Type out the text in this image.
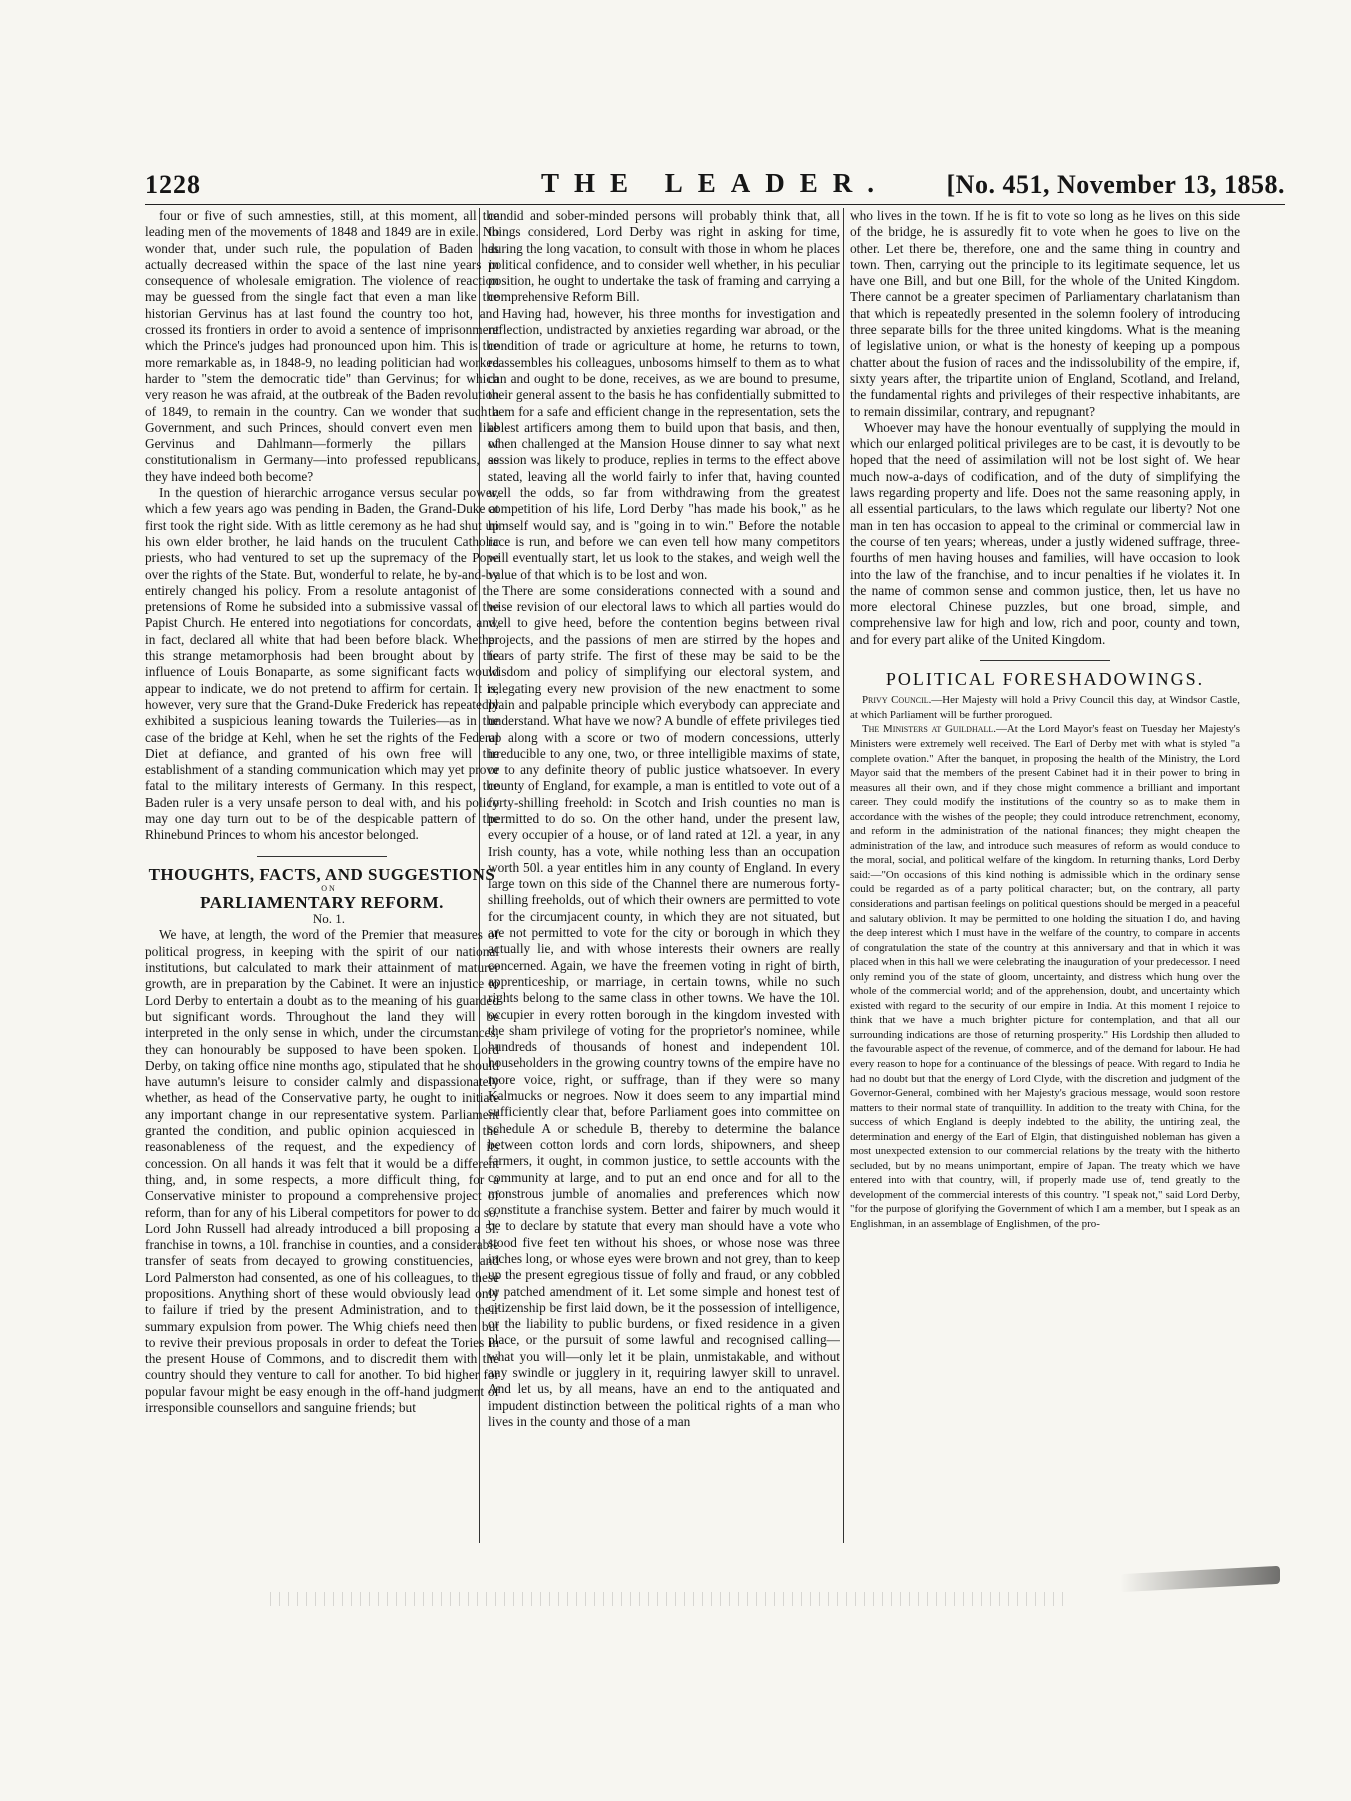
1228	THE LEADER.	[No. 451, November 13, 1858.

four or five of such amnesties, still, at this moment, all the leading men of the movements of 1848 and 1849 are in exile. No wonder that, under such rule, the population of Baden has actually decreased within the space of the last nine years in consequence of wholesale emigration. The violence of reaction may be guessed from the single fact that even a man like the historian Gervinus has at last found the country too hot, and crossed its frontiers in order to avoid a sentence of imprisonment which the Prince's judges had pronounced upon him. This is the more remarkable as, in 1848-9, no leading politician had worked harder to "stem the democratic tide" than Gervinus; for which very reason he was afraid, at the outbreak of the Baden revolution of 1849, to remain in the country. Can we wonder that such a Government, and such Princes, should convert even men like Gervinus and Dahlmann—formerly the pillars of constitutionalism in Germany—into professed republicans, as they have indeed both become?

In the question of hierarchic arrogance versus secular power, which a few years ago was pending in Baden, the Grand-Duke at first took the right side. With as little ceremony as he had shut up his own elder brother, he laid hands on the truculent Catholic priests, who had ventured to set up the supremacy of the Pope over the rights of the State. But, wonderful to relate, he by-and-by entirely changed his policy. From a resolute antagonist of the pretensions of Rome he subsided into a submissive vassal of the Papist Church. He entered into negotiations for concordats, and, in fact, declared all white that had been before black. Whether this strange metamorphosis had been brought about by the influence of Louis Bonaparte, as some significant facts would appear to indicate, we do not pretend to affirm for certain. It is, however, very sure that the Grand-Duke Frederick has repeatedly exhibited a suspicious leaning towards the Tuileries—as in the case of the bridge at Kehl, when he set the rights of the Federal Diet at defiance, and granted of his own free will the establishment of a standing communication which may yet prove fatal to the military interests of Germany. In this respect, the Baden ruler is a very unsafe person to deal with, and his policy may one day turn out to be of the despicable pattern of the Rhinebund Princes to whom his ancestor belonged.

THOUGHTS, FACTS, AND SUGGESTIONS

ON

PARLIAMENTARY REFORM.

No. 1.

We have, at length, the word of the Premier that measures of political progress, in keeping with the spirit of our national institutions, but calculated to mark their attainment of maturer growth, are in preparation by the Cabinet. It were an injustice to Lord Derby to entertain a doubt as to the meaning of his guarded but significant words. Throughout the land they will be interpreted in the only sense in which, under the circumstances, they can honourably be supposed to have been spoken. Lord Derby, on taking office nine months ago, stipulated that he should have autumn's leisure to consider calmly and dispassionately whether, as head of the Conservative party, he ought to initiate any important change in our representative system. Parliament granted the condition, and public opinion acquiesced in the reasonableness of the request, and the expediency of its concession. On all hands it was felt that it would be a different thing, and, in some respects, a more difficult thing, for a Conservative minister to propound a comprehensive project of reform, than for any of his Liberal competitors for power to do so. Lord John Russell had already introduced a bill proposing a 5l. franchise in towns, a 10l. franchise in counties, and a considerable transfer of seats from decayed to growing constituencies, and Lord Palmerston had consented, as one of his colleagues, to these propositions. Anything short of these would obviously lead only to failure if tried by the present Administration, and to their summary expulsion from power. The Whig chiefs need then but to revive their previous proposals in order to defeat the Tories in the present House of Commons, and to discredit them with the country should they venture to call for another. To bid higher for popular favour might be easy enough in the off-hand judgment of irresponsible counsellors and sanguine friends; but

candid and sober-minded persons will probably think that, all things considered, Lord Derby was right in asking for time, during the long vacation, to consult with those in whom he places political confidence, and to consider well whether, in his peculiar position, he ought to undertake the task of framing and carrying a comprehensive Reform Bill.

Having had, however, his three months for investigation and reflection, undistracted by anxieties regarding war abroad, or the condition of trade or agriculture at home, he returns to town, reassembles his colleagues, unbosoms himself to them as to what can and ought to be done, receives, as we are bound to presume, their general assent to the basis he has confidentially submitted to them for a safe and efficient change in the representation, sets the ablest artificers among them to build upon that basis, and then, when challenged at the Mansion House dinner to say what next session was likely to produce, replies in terms to the effect above stated, leaving all the world fairly to infer that, having counted well the odds, so far from withdrawing from the greatest competition of his life, Lord Derby "has made his book," as he himself would say, and is "going in to win." Before the notable race is run, and before we can even tell how many competitors will eventually start, let us look to the stakes, and weigh well the value of that which is to be lost and won.

There are some considerations connected with a sound and wise revision of our electoral laws to which all parties would do well to give heed, before the contention begins between rival projects, and the passions of men are stirred by the hopes and fears of party strife. The first of these may be said to be the wisdom and policy of simplifying our electoral system, and relegating every new provision of the new enactment to some plain and palpable principle which everybody can appreciate and understand. What have we now? A bundle of effete privileges tied up along with a score or two of modern concessions, utterly irreducible to any one, two, or three intelligible maxims of state, or to any definite theory of public justice whatsoever. In every county of England, for example, a man is entitled to vote out of a forty-shilling freehold: in Scotch and Irish counties no man is permitted to do so. On the other hand, under the present law, every occupier of a house, or of land rated at 12l. a year, in any Irish county, has a vote, while nothing less than an occupation worth 50l. a year entitles him in any county of England. In every large town on this side of the Channel there are numerous forty-shilling freeholds, out of which their owners are permitted to vote for the circumjacent county, in which they are not situated, but are not permitted to vote for the city or borough in which they actually lie, and with whose interests their owners are really concerned. Again, we have the freemen voting in right of birth, apprenticeship, or marriage, in certain towns, while no such rights belong to the same class in other towns. We have the 10l. occupier in every rotten borough in the kingdom invested with the sham privilege of voting for the proprietor's nominee, while hundreds of thousands of honest and independent 10l. householders in the growing country towns of the empire have no more voice, right, or suffrage, than if they were so many Kalmucks or negroes. Now it does seem to any impartial mind sufficiently clear that, before Parliament goes into committee on schedule A or schedule B, thereby to determine the balance between cotton lords and corn lords, shipowners, and sheep farmers, it ought, in common justice, to settle accounts with the community at large, and to put an end once and for all to the monstrous jumble of anomalies and preferences which now constitute a franchise system. Better and fairer by much would it be to declare by statute that every man should have a vote who stood five feet ten without his shoes, or whose nose was three inches long, or whose eyes were brown and not grey, than to keep up the present egregious tissue of folly and fraud, or any cobbled or patched amendment of it. Let some simple and honest test of citizenship be first laid down, be it the possession of intelligence, or the liability to public burdens, or fixed residence in a given place, or the pursuit of some lawful and recognised calling—what you will—only let it be plain, unmistakable, and without any swindle or jugglery in it, requiring lawyer skill to unravel. And let us, by all means, have an end to the antiquated and impudent distinction between the political rights of a man who lives in the county and those of a man

who lives in the town. If he is fit to vote so long as he lives on this side of the bridge, he is assuredly fit to vote when he goes to live on the other. Let there be, therefore, one and the same thing in country and town. Then, carrying out the principle to its legitimate sequence, let us have one Bill, and but one Bill, for the whole of the United Kingdom. There cannot be a greater specimen of Parliamentary charlatanism than that which is repeatedly presented in the solemn foolery of introducing three separate bills for the three united kingdoms. What is the meaning of legislative union, or what is the honesty of keeping up a pompous chatter about the fusion of races and the indissolubility of the empire, if, sixty years after, the tripartite union of England, Scotland, and Ireland, the fundamental rights and privileges of their respective inhabitants, are to remain dissimilar, contrary, and repugnant?

Whoever may have the honour eventually of supplying the mould in which our enlarged political privileges are to be cast, it is devoutly to be hoped that the need of assimilation will not be lost sight of. We hear much now-a-days of codification, and of the duty of simplifying the laws regarding property and life. Does not the same reasoning apply, in all essential particulars, to the laws which regulate our liberty? Not one man in ten has occasion to appeal to the criminal or commercial law in the course of ten years; whereas, under a justly widened suffrage, three-fourths of men having houses and families, will have occasion to look into the law of the franchise, and to incur penalties if he violates it. In the name of common sense and common justice, then, let us have no more electoral Chinese puzzles, but one broad, simple, and comprehensive law for high and low, rich and poor, county and town, and for every part alike of the United Kingdom.

POLITICAL FORESHADOWINGS.

Privy Council.—Her Majesty will hold a Privy Council this day, at Windsor Castle, at which Parliament will be further prorogued.

The Ministers at Guildhall.—At the Lord Mayor's feast on Tuesday her Majesty's Ministers were extremely well received. The Earl of Derby met with what is styled "a complete ovation." After the banquet, in proposing the health of the Ministry, the Lord Mayor said that the members of the present Cabinet had it in their power to bring in measures all their own, and if they chose might commence a brilliant and important career. They could modify the institutions of the country so as to make them in accordance with the wishes of the people; they could introduce retrenchment, economy, and reform in the administration of the national finances; they might cheapen the administration of the law, and introduce such measures of reform as would conduce to the moral, social, and political welfare of the kingdom. In returning thanks, Lord Derby said:—"On occasions of this kind nothing is admissible which in the ordinary sense could be regarded as of a party political character; but, on the contrary, all party considerations and partisan feelings on political questions should be merged in a peaceful and salutary oblivion. It may be permitted to one holding the situation I do, and having the deep interest which I must have in the welfare of the country, to compare in accents of congratulation the state of the country at this anniversary and that in which it was placed when in this hall we were celebrating the inauguration of your predecessor. I need only remind you of the state of gloom, uncertainty, and distress which hung over the whole of the commercial world; and of the apprehension, doubt, and uncertainty which existed with regard to the security of our empire in India. At this moment I rejoice to think that we have a much brighter picture for contemplation, and that all our surrounding indications are those of returning prosperity." His Lordship then alluded to the favourable aspect of the revenue, of commerce, and of the demand for labour. He had every reason to hope for a continuance of the blessings of peace. With regard to India he had no doubt but that the energy of Lord Clyde, with the discretion and judgment of the Governor-General, combined with her Majesty's gracious message, would soon restore matters to their normal state of tranquillity. In addition to the treaty with China, for the success of which England is deeply indebted to the ability, the untiring zeal, the determination and energy of the Earl of Elgin, that distinguished nobleman has given a most unexpected extension to our commercial relations by the treaty with the hitherto secluded, but by no means unimportant, empire of Japan. The treaty which we have entered into with that country, will, if properly made use of, tend greatly to the development of the commercial interests of this country. "I speak not," said Lord Derby, "for the purpose of glorifying the Government of which I am a member, but I speak as an Englishman, in an assemblage of Englishmen, of the pro-
